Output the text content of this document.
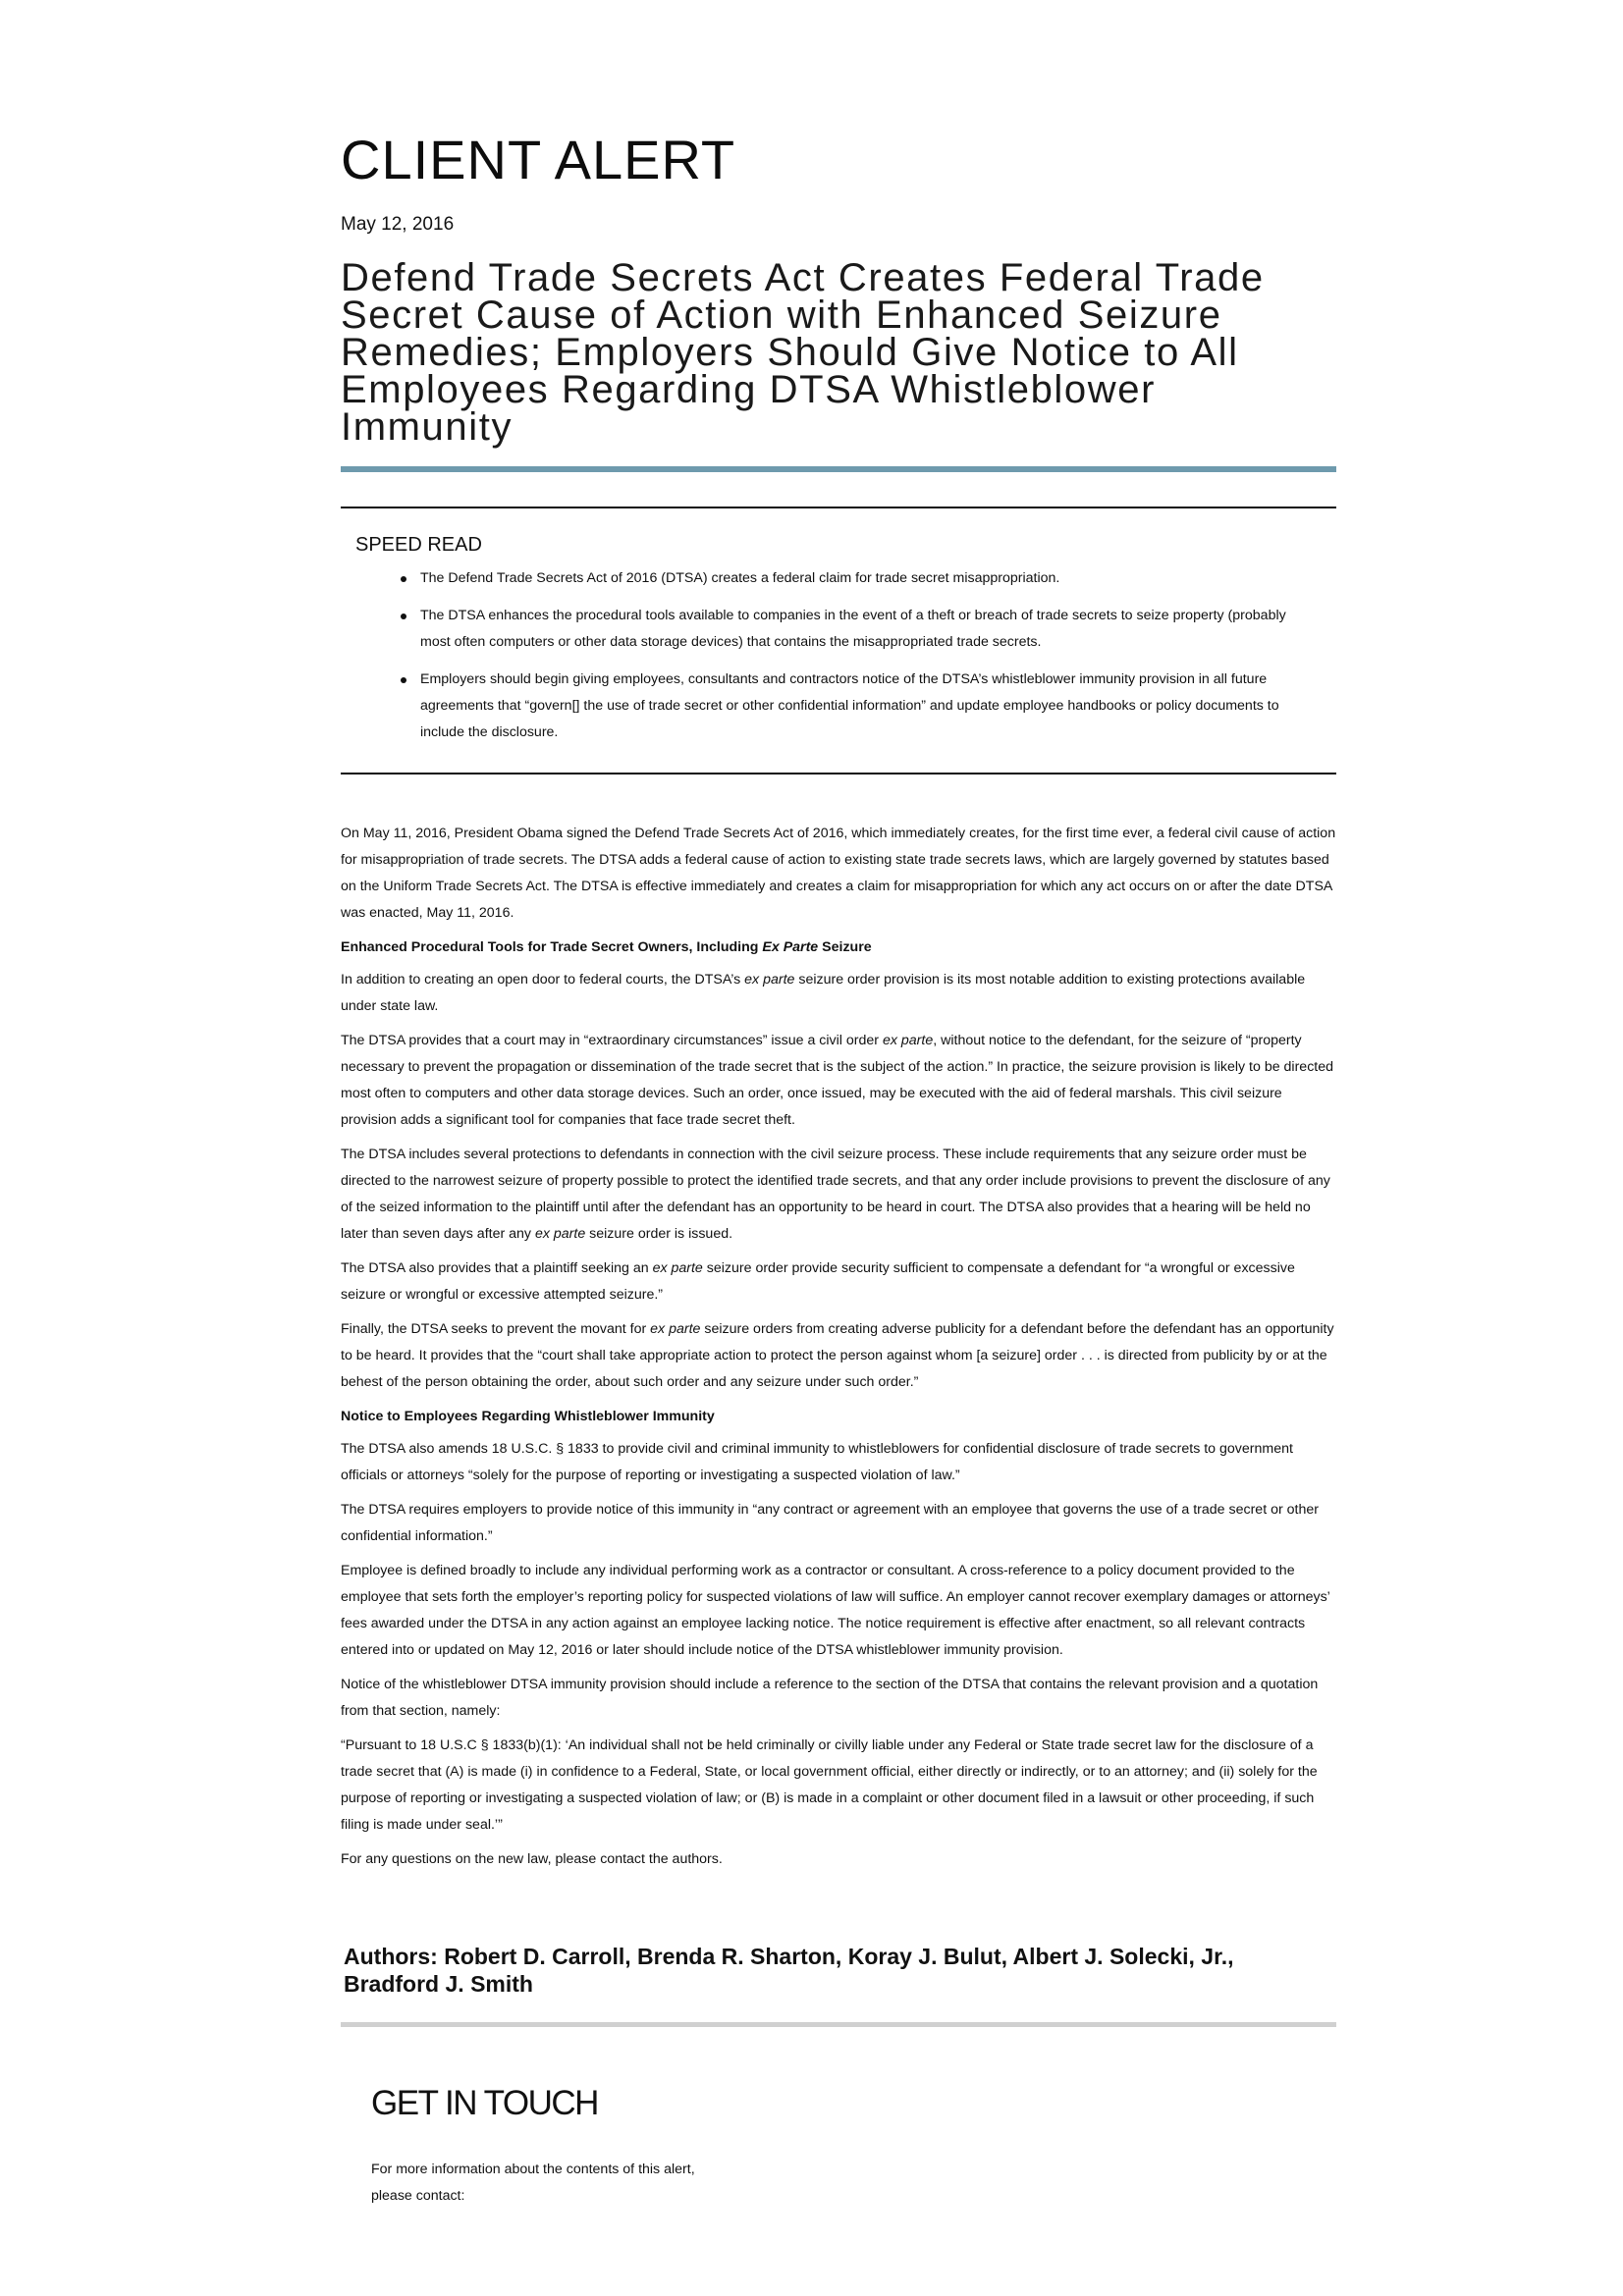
CLIENT ALERT
May 12, 2016
Defend Trade Secrets Act Creates Federal Trade Secret Cause of Action with Enhanced Seizure Remedies; Employers Should Give Notice to All Employees Regarding DTSA Whistleblower Immunity
SPEED READ
The Defend Trade Secrets Act of 2016 (DTSA) creates a federal claim for trade secret misappropriation.
The DTSA enhances the procedural tools available to companies in the event of a theft or breach of trade secrets to seize property (probably most often computers or other data storage devices) that contains the misappropriated trade secrets.
Employers should begin giving employees, consultants and contractors notice of the DTSA’s whistleblower immunity provision in all future agreements that “govern[] the use of trade secret or other confidential information” and update employee handbooks or policy documents to include the disclosure.

On May 11, 2016, President Obama signed the Defend Trade Secrets Act of 2016, which immediately creates, for the first time ever, a federal civil cause of action for misappropriation of trade secrets. The DTSA adds a federal cause of action to existing state trade secrets laws, which are largely governed by statutes based on the Uniform Trade Secrets Act. The DTSA is effective immediately and creates a claim for misappropriation for which any act occurs on or after the date DTSA was enacted, May 11, 2016.

Enhanced Procedural Tools for Trade Secret Owners, Including Ex Parte Seizure

In addition to creating an open door to federal courts, the DTSA’s ex parte seizure order provision is its most notable addition to existing protections available under state law.

The DTSA provides that a court may in “extraordinary circumstances” issue a civil order ex parte, without notice to the defendant, for the seizure of “property necessary to prevent the propagation or dissemination of the trade secret that is the subject of the action.” In practice, the seizure provision is likely to be directed most often to computers and other data storage devices. Such an order, once issued, may be executed with the aid of federal marshals. This civil seizure provision adds a significant tool for companies that face trade secret theft.

The DTSA includes several protections to defendants in connection with the civil seizure process. These include requirements that any seizure order must be directed to the narrowest seizure of property possible to protect the identified trade secrets, and that any order include provisions to prevent the disclosure of any of the seized information to the plaintiff until after the defendant has an opportunity to be heard in court. The DTSA also provides that a hearing will be held no later than seven days after any ex parte seizure order is issued.

The DTSA also provides that a plaintiff seeking an ex parte seizure order provide security sufficient to compensate a defendant for “a wrongful or excessive seizure or wrongful or excessive attempted seizure.”

Finally, the DTSA seeks to prevent the movant for ex parte seizure orders from creating adverse publicity for a defendant before the defendant has an opportunity to be heard. It provides that the “court shall take appropriate action to protect the person against whom [a seizure] order . . . is directed from publicity by or at the behest of the person obtaining the order, about such order and any seizure under such order.”

Notice to Employees Regarding Whistleblower Immunity

The DTSA also amends 18 U.S.C. § 1833 to provide civil and criminal immunity to whistleblowers for confidential disclosure of trade secrets to government officials or attorneys “solely for the purpose of reporting or investigating a suspected violation of law.”

The DTSA requires employers to provide notice of this immunity in “any contract or agreement with an employee that governs the use of a trade secret or other confidential information.”

Employee is defined broadly to include any individual performing work as a contractor or consultant. A cross-reference to a policy document provided to the employee that sets forth the employer’s reporting policy for suspected violations of law will suffice. An employer cannot recover exemplary damages or attorneys’ fees awarded under the DTSA in any action against an employee lacking notice. The notice requirement is effective after enactment, so all relevant contracts entered into or updated on May 12, 2016 or later should include notice of the DTSA whistleblower immunity provision.

Notice of the whistleblower DTSA immunity provision should include a reference to the section of the DTSA that contains the relevant provision and a quotation from that section, namely:

“Pursuant to 18 U.S.C § 1833(b)(1): ‘An individual shall not be held criminally or civilly liable under any Federal or State trade secret law for the disclosure of a trade secret that (A) is made (i) in confidence to a Federal, State, or local government official, either directly or indirectly, or to an attorney; and (ii) solely for the purpose of reporting or investigating a suspected violation of law; or (B) is made in a complaint or other document filed in a lawsuit or other proceeding, if such filing is made under seal.’”

For any questions on the new law, please contact the authors.

Authors: Robert D. Carroll, Brenda R. Sharton, Koray J. Bulut, Albert J. Solecki, Jr., Bradford J. Smith
GET IN TOUCH
For more information about the contents of this alert,
please contact:
